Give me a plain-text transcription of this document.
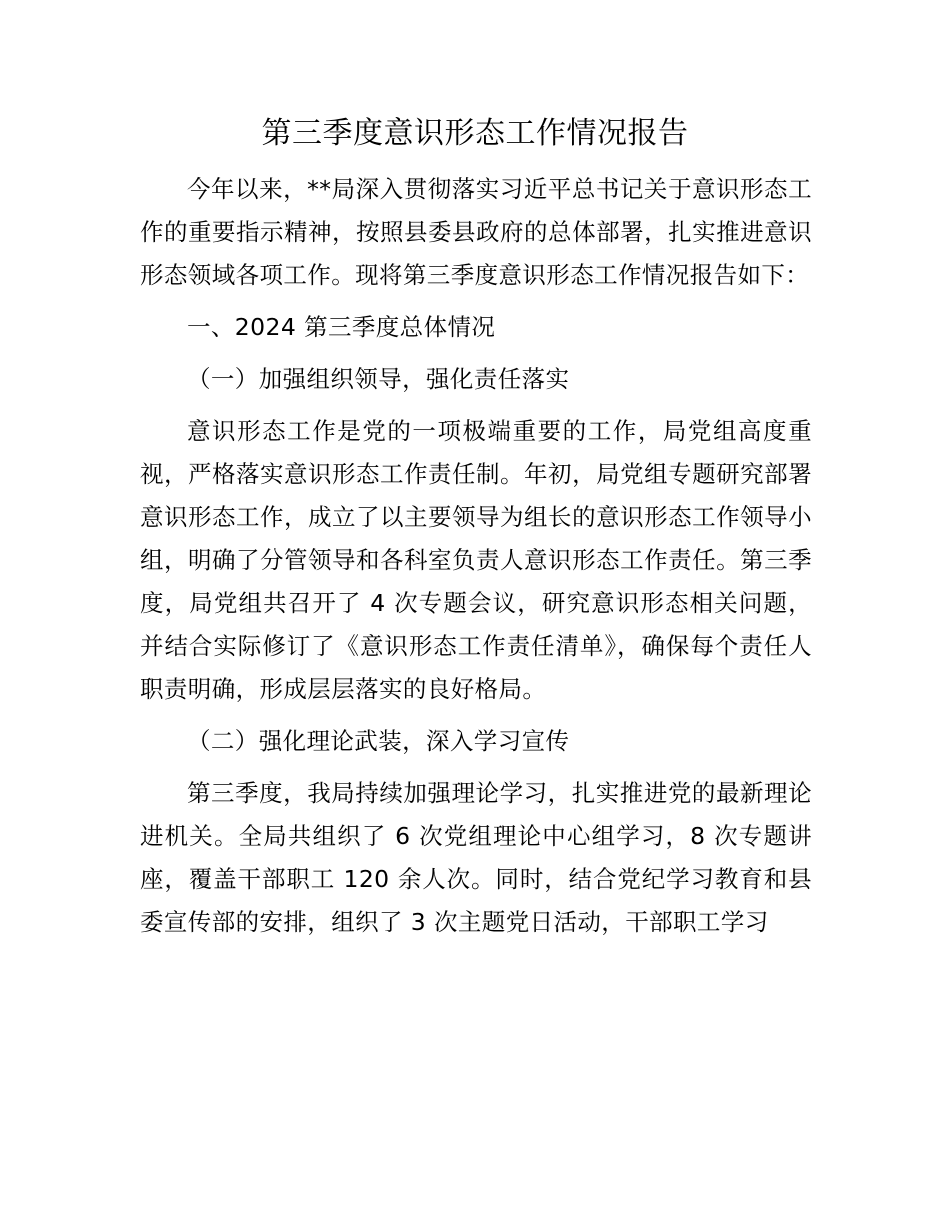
第三季度意识形态工作情况报告

今年以来，**局深入贯彻落实习近平总书记关于意识形态工作的重要指示精神，按照县委县政府的总体部署，扎实推进意识形态领域各项工作。现将第三季度意识形态工作情况报告如下：

一、2024 第三季度总体情况

（一）加强组织领导，强化责任落实

意识形态工作是党的一项极端重要的工作，局党组高度重视，严格落实意识形态工作责任制。年初，局党组专题研究部署意识形态工作，成立了以主要领导为组长的意识形态工作领导小组，明确了分管领导和各科室负责人意识形态工作责任。第三季度，局党组共召开了 4 次专题会议，研究意识形态相关问题，并结合实际修订了《意识形态工作责任清单》，确保每个责任人职责明确，形成层层落实的良好格局。

（二）强化理论武装，深入学习宣传

第三季度，我局持续加强理论学习，扎实推进党的最新理论进机关。全局共组织了 6 次党组理论中心组学习，8 次专题讲座，覆盖干部职工 120 余人次。同时，结合党纪学习教育和县委宣传部的安排，组织了 3 次主题党日活动，干部职工学习
